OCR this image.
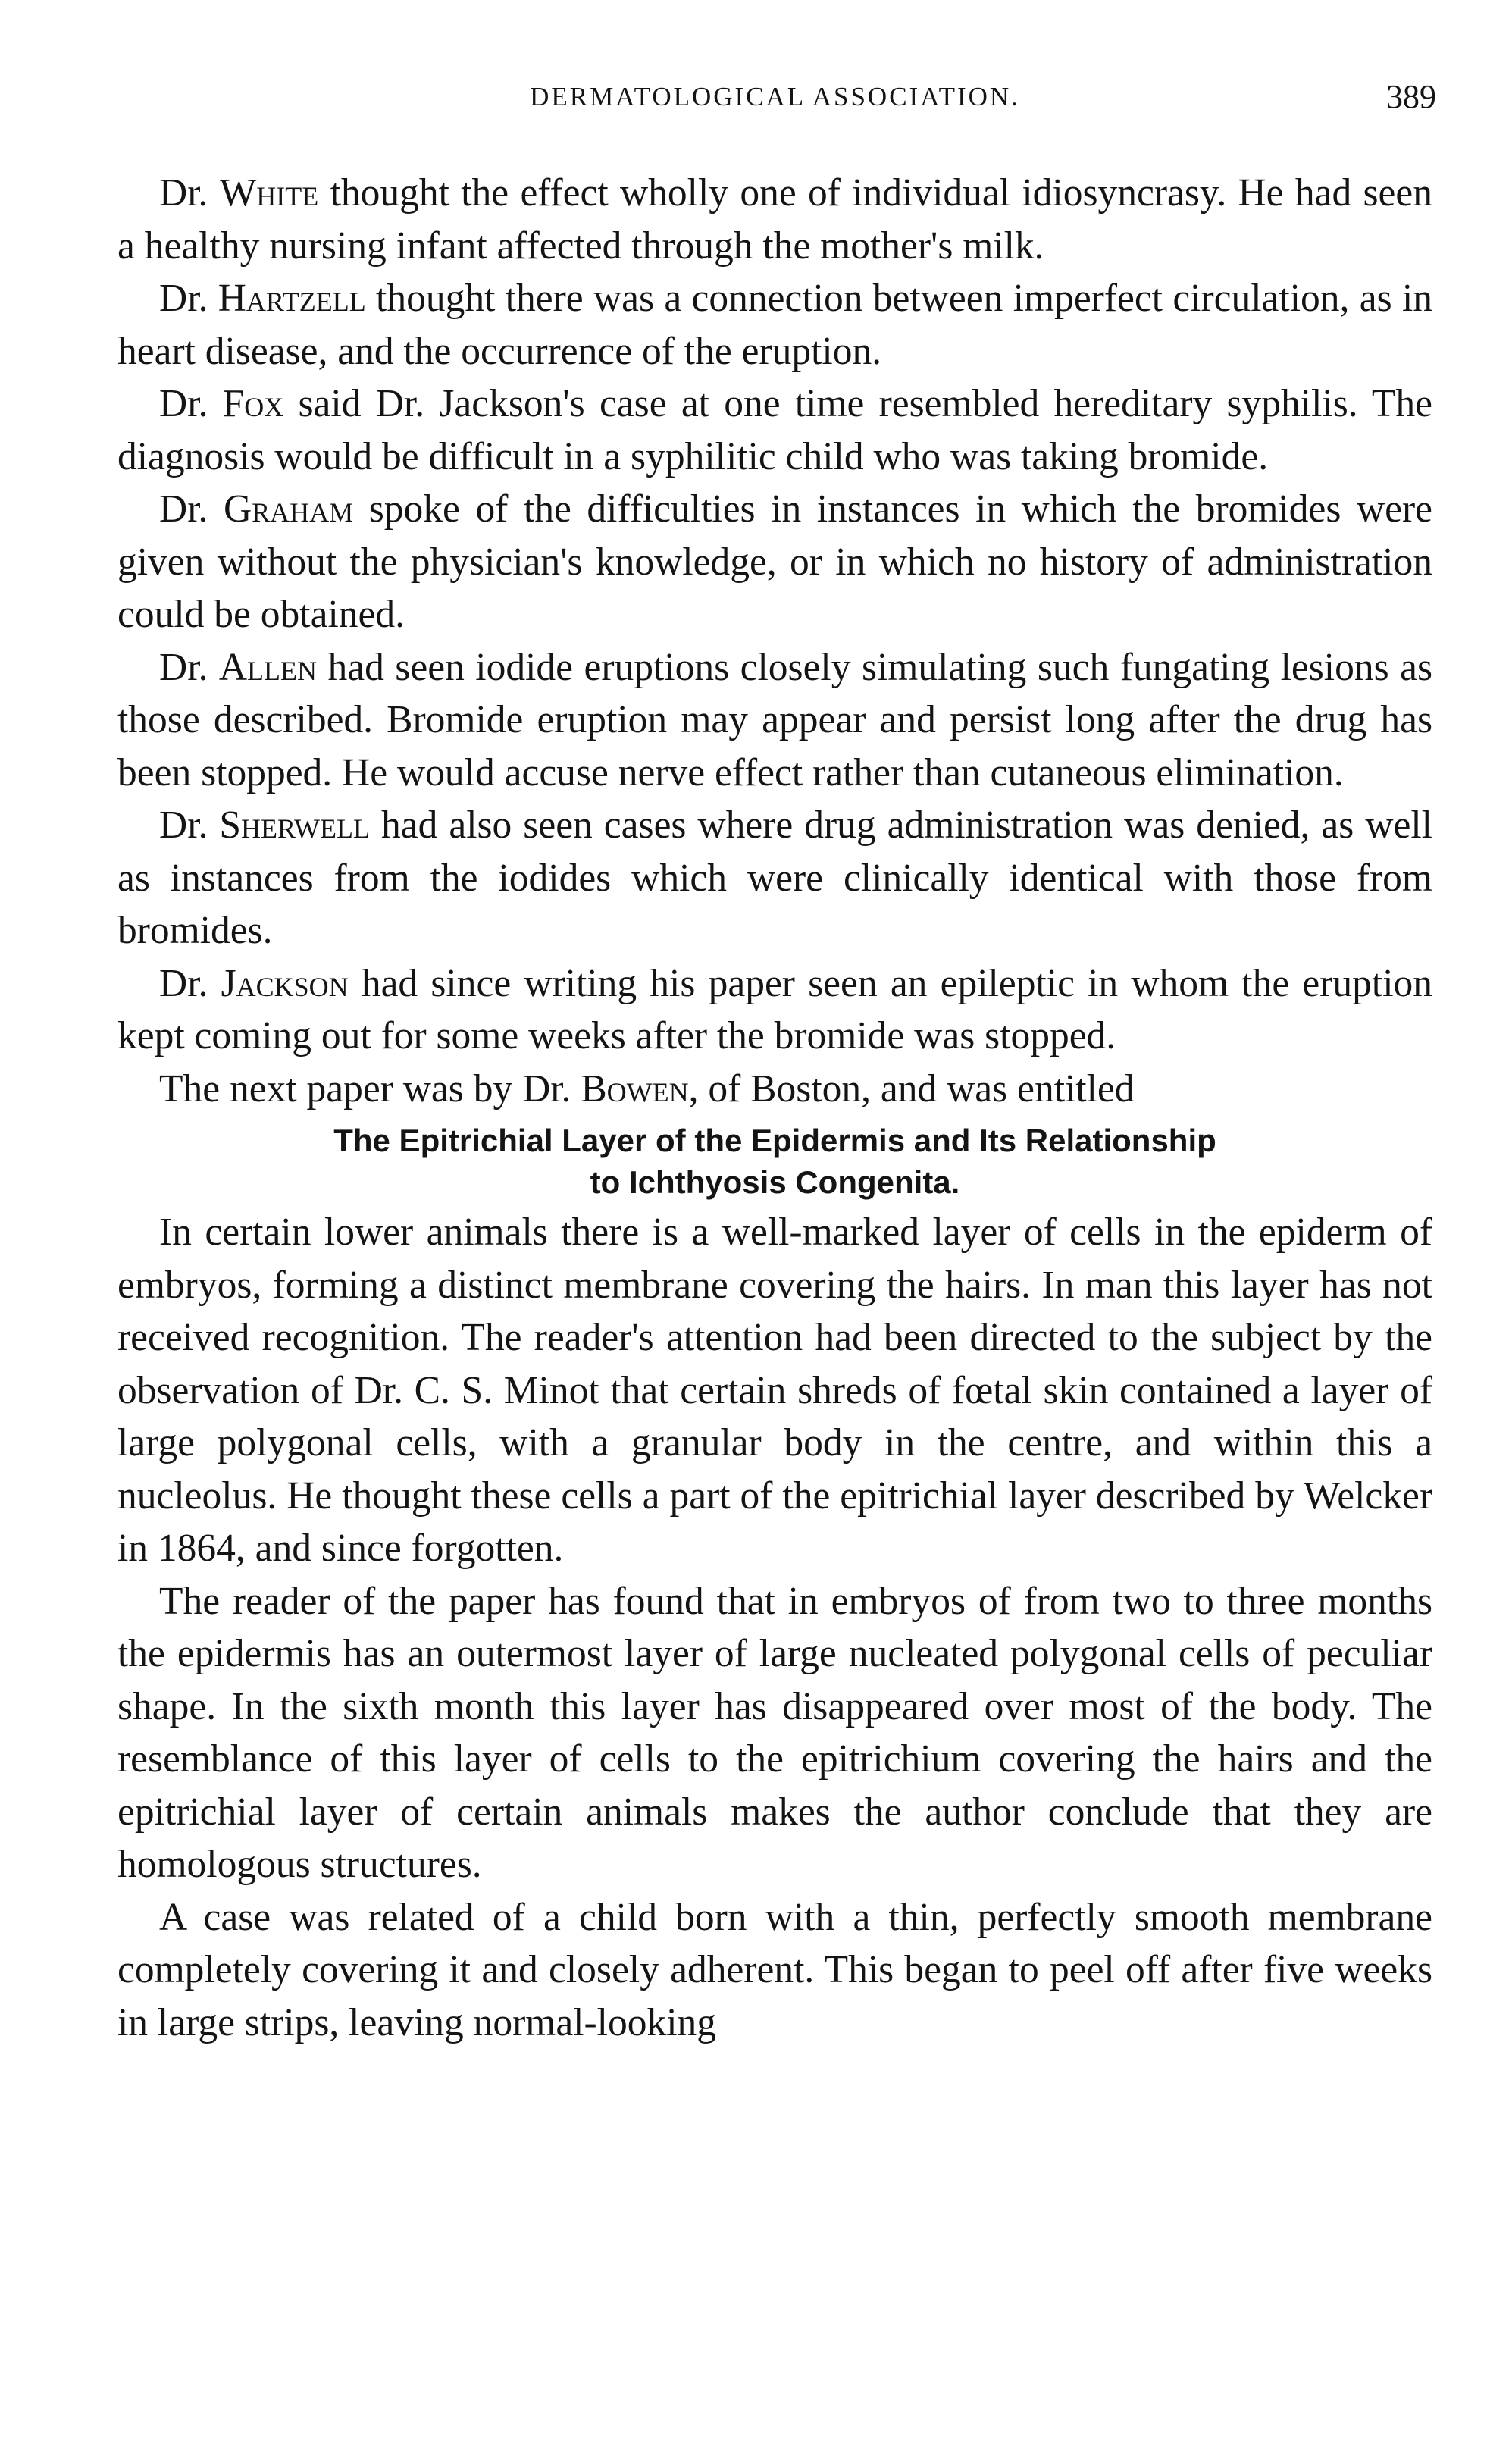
DERMATOLOGICAL ASSOCIATION.	389

Dr. White thought the effect wholly one of individual idiosyncrasy. He had seen a healthy nursing infant affected through the mother's milk.

Dr. Hartzell thought there was a connection between imperfect circulation, as in heart disease, and the occurrence of the eruption.

Dr. Fox said Dr. Jackson's case at one time resembled hereditary syphilis. The diagnosis would be difficult in a syphilitic child who was taking bromide.

Dr. Graham spoke of the difficulties in instances in which the bromides were given without the physician's knowledge, or in which no history of administration could be obtained.

Dr. Allen had seen iodide eruptions closely simulating such fungating lesions as those described. Bromide eruption may appear and persist long after the drug has been stopped. He would accuse nerve effect rather than cutaneous elimination.

Dr. Sherwell had also seen cases where drug administration was denied, as well as instances from the iodides which were clinically identical with those from bromides.

Dr. Jackson had since writing his paper seen an epileptic in whom the eruption kept coming out for some weeks after the bromide was stopped.

The next paper was by Dr. Bowen, of Boston, and was entitled

The Epitrichial Layer of the Epidermis and Its Relationship
to Ichthyosis Congenita.

In certain lower animals there is a well-marked layer of cells in the epiderm of embryos, forming a distinct membrane covering the hairs. In man this layer has not received recognition. The reader's attention had been directed to the subject by the observation of Dr. C. S. Minot that certain shreds of fœtal skin contained a layer of large polygonal cells, with a granular body in the centre, and within this a nucleolus. He thought these cells a part of the epitrichial layer described by Welcker in 1864, and since forgotten.

The reader of the paper has found that in embryos of from two to three months the epidermis has an outermost layer of large nucleated polygonal cells of peculiar shape. In the sixth month this layer has disappeared over most of the body. The resemblance of this layer of cells to the epitrichium covering the hairs and the epitrichial layer of certain animals makes the author conclude that they are homologous structures.

A case was related of a child born with a thin, perfectly smooth membrane completely covering it and closely adherent. This began to peel off after five weeks in large strips, leaving normal-looking
